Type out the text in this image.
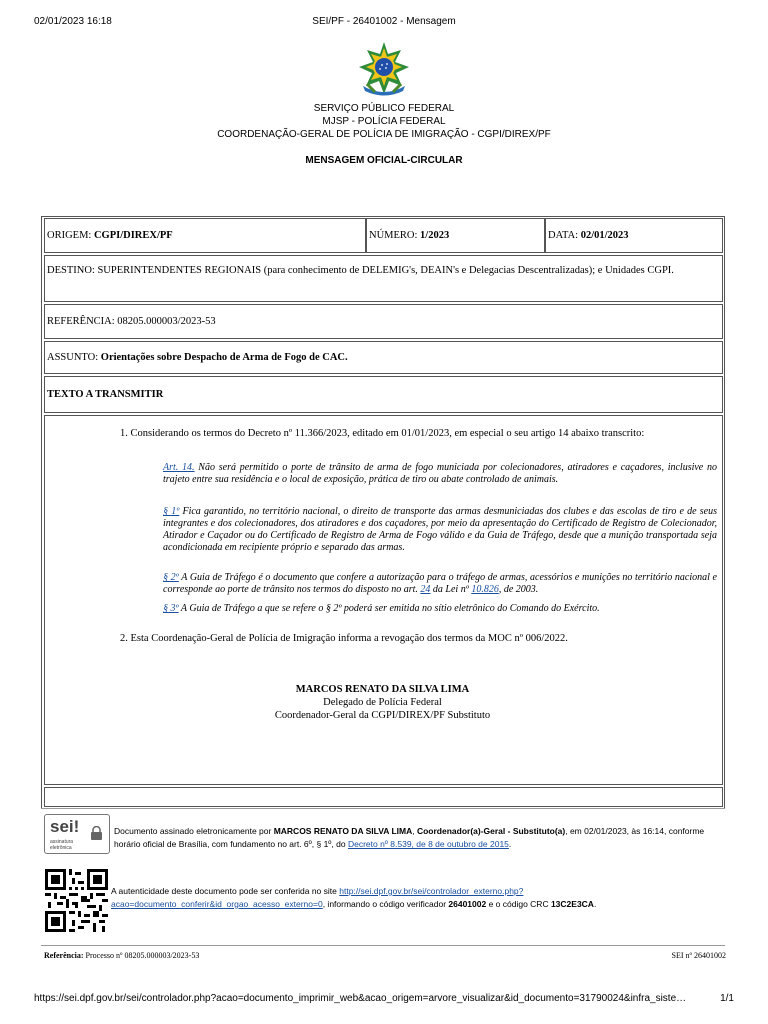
02/01/2023 16:18	SEI/PF - 26401002 - Mensagem
SERVIÇO PÚBLICO FEDERAL
MJSP - POLÍCIA FEDERAL
COORDENAÇÃO-GERAL DE POLÍCIA DE IMIGRAÇÃO - CGPI/DIREX/PF
MENSAGEM OFICIAL-CIRCULAR
ORIGEM:
CGPI/DIREX/PF	NÚMERO:
1/2023	DATA:
02/01/2023
DESTINO: SUPERINTENDENTES REGIONAIS (para conhecimento de DELEMIG's, DEAIN's e Delegacias Descentralizadas); e Unidades CGPI.
REFERÊNCIA: 08205.000003/2023-53
ASSUNTO:
Orientações sobre Despacho de Arma de Fogo de CAC.
TEXTO A TRANSMITIR
1. Considerando os termos do Decreto nº 11.366/2023, editado em 01/01/2023, em especial o seu artigo 14 abaixo transcrito:
Art. 14. Não será permitido o porte de trânsito de arma de fogo municiada por colecionadores, atiradores e caçadores, inclusive no trajeto entre sua residência e o local de exposição, prática de tiro ou abate controlado de animais.
§ 1º Fica garantido, no território nacional, o direito de transporte das armas desmuniciadas dos clubes e das escolas de tiro e de seus integrantes e dos colecionadores, dos atiradores e dos caçadores, por meio da apresentação do Certificado de Registro de Colecionador, Atirador e Caçador ou do Certificado de Registro de Arma de Fogo válido e da Guia de Tráfego, desde que a munição transportada seja acondicionada em recipiente próprio e separado das armas.
§ 2º A Guia de Tráfego é o documento que confere a autorização para o tráfego de armas, acessórios e munições no território nacional e corresponde ao porte de trânsito nos termos do disposto no art. 24 da Lei nº 10.826, de 2003.
§ 3º A Guia de Tráfego a que se refere o § 2º poderá ser emitida no sítio eletrônico do Comando do Exército.
2. Esta Coordenação-Geral de Polícia de Imigração informa a revogação dos termos da MOC nº 006/2022.
MARCOS RENATO DA SILVA LIMA
Delegado de Polícia Federal
Coordenador-Geral da CGPI/DIREX/PF Substituto
sei!
assinatura
eletrônica
Documento assinado eletronicamente por MARCOS RENATO DA SILVA LIMA, Coordenador(a)-Geral - Substituto(a), em 02/01/2023, às 16:14, conforme horário oficial de Brasília, com fundamento no art. 6º, § 1º, do Decreto nº 8.539, de 8 de outubro de 2015.
A autenticidade deste documento pode ser conferida no site http://sei.dpf.gov.br/sei/controlador_externo.php?acao=documento_conferir&id_orgao_acesso_externo=0, informando o código verificador 26401002 e o código CRC 13C2E3CA.
Referência: Processo nº 08205.000003/2023-53	SEI nº 26401002
https://sei.dpf.gov.br/sei/controlador.php?acao=documento_imprimir_web&acao_origem=arvore_visualizar&id_documento=31790024&infra_siste…	1/1
